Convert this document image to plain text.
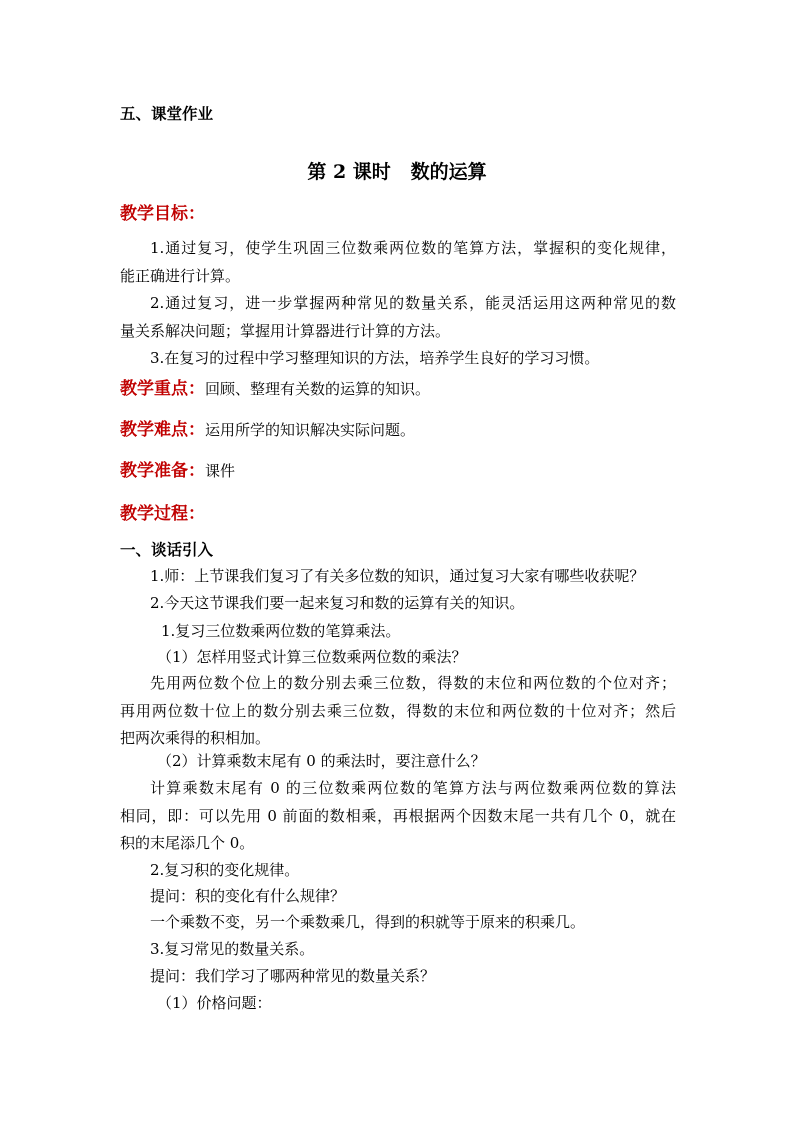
五、课堂作业
第 2 课时   数的运算
教学目标：
1.通过复习，使学生巩固三位数乘两位数的笔算方法，掌握积的变化规律，
能正确进行计算。
2.通过复习，进一步掌握两种常见的数量关系，能灵活运用这两种常见的数
量关系解决问题；掌握用计算器进行计算的方法。
3.在复习的过程中学习整理知识的方法，培养学生良好的学习习惯。
教学重点：回顾、整理有关数的运算的知识。
教学难点：运用所学的知识解决实际问题。
教学准备：课件
教学过程：
一、谈话引入
1.师：上节课我们复习了有关多位数的知识，通过复习大家有哪些收获呢？
2.今天这节课我们要一起来复习和数的运算有关的知识。
1.复习三位数乘两位数的笔算乘法。
（1）怎样用竖式计算三位数乘两位数的乘法？
先用两位数个位上的数分别去乘三位数，得数的末位和两位数的个位对齐；
再用两位数十位上的数分别去乘三位数，得数的末位和两位数的十位对齐；然后
把两次乘得的积相加。
（2）计算乘数末尾有 0 的乘法时，要注意什么？
计算乘数末尾有 0 的三位数乘两位数的笔算方法与两位数乘两位数的算法
相同，即：可以先用 0 前面的数相乘，再根据两个因数末尾一共有几个 0，就在
积的末尾添几个 0。
2.复习积的变化规律。
提问：积的变化有什么规律？
一个乘数不变，另一个乘数乘几，得到的积就等于原来的积乘几。
3.复习常见的数量关系。
提问：我们学习了哪两种常见的数量关系？
（1）价格问题：
